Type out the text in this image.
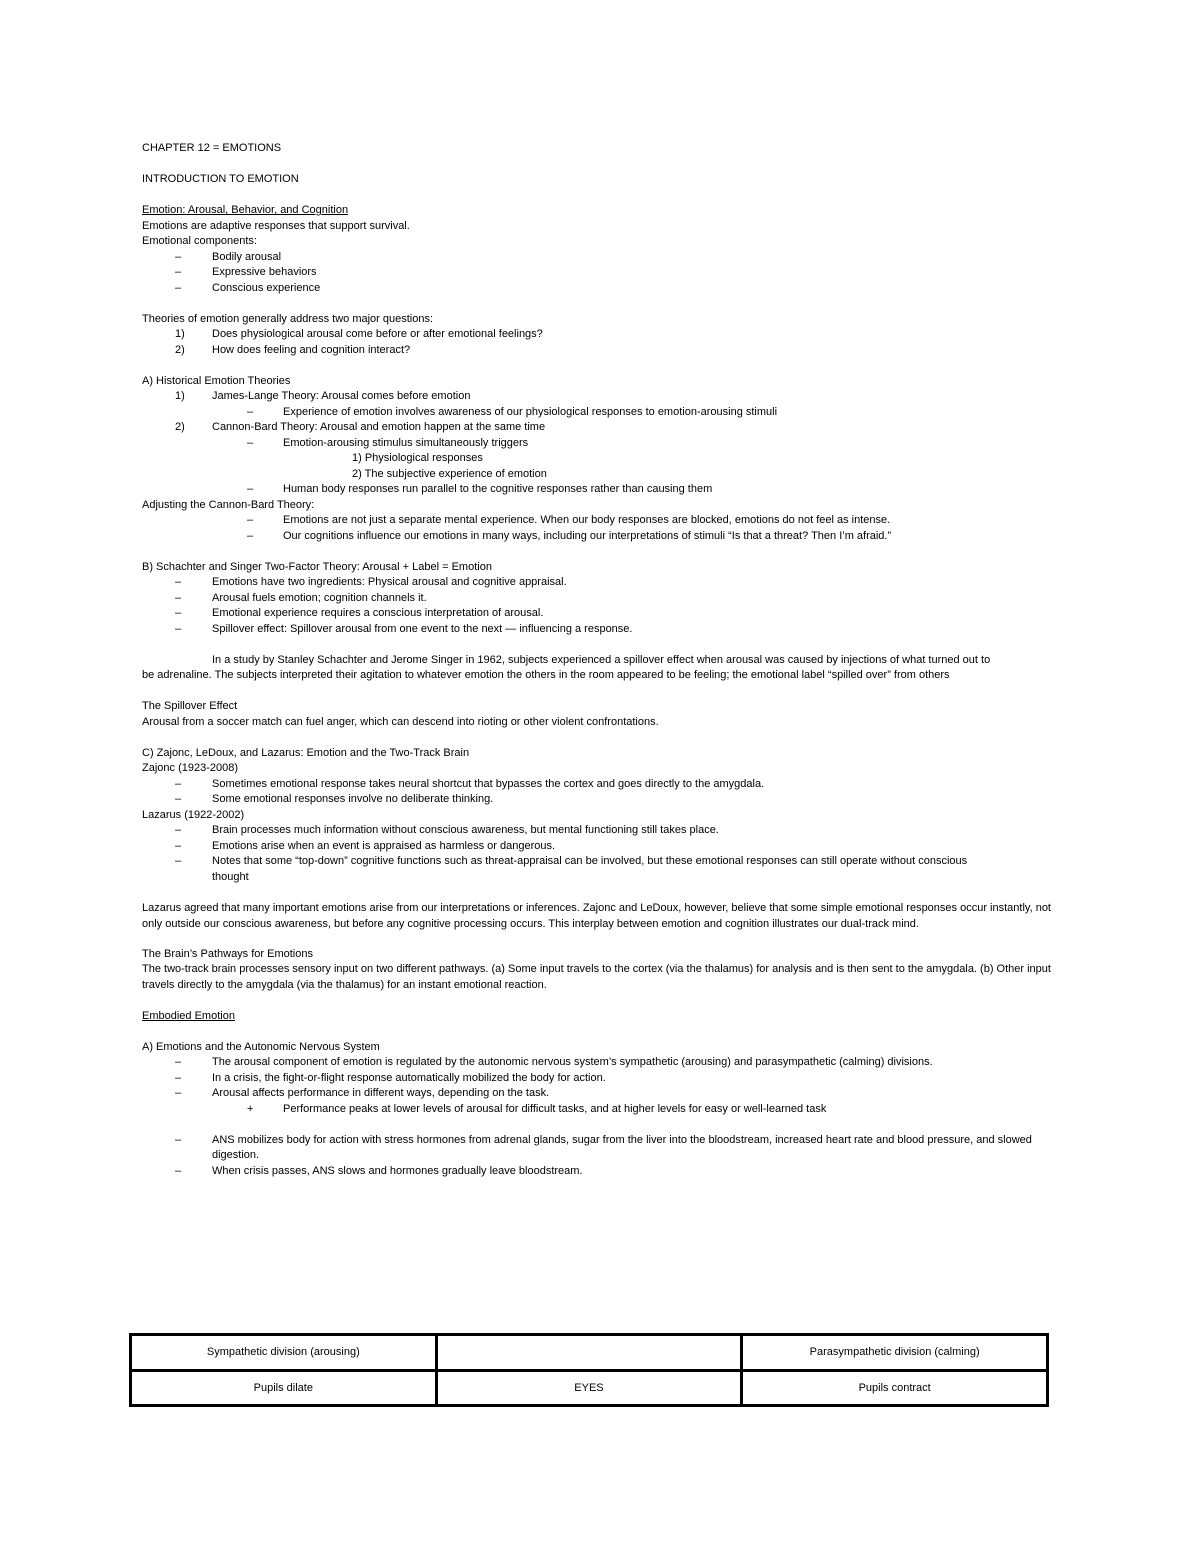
CHAPTER 12 = EMOTIONS
INTRODUCTION TO EMOTION
Emotion: Arousal, Behavior, and Cognition
Emotions are adaptive responses that support survival.
Emotional components:
–	Bodily arousal
–	Expressive behaviors
–	Conscious experience
Theories of emotion generally address two major questions:
1) Does physiological arousal come before or after emotional feelings?
2) How does feeling and cognition interact?
A) Historical Emotion Theories
1) James-Lange Theory: Arousal comes before emotion
–	Experience of emotion involves awareness of our physiological responses to emotion-arousing stimuli
2) Cannon-Bard Theory: Arousal and emotion happen at the same time
–	Emotion-arousing stimulus simultaneously triggers
1) Physiological responses
2) The subjective experience of emotion
–	Human body responses run parallel to the cognitive responses rather than causing them
Adjusting the Cannon-Bard Theory:
–	Emotions are not just a separate mental experience. When our body responses are blocked, emotions do not feel as intense.
–	Our cognitions influence our emotions in many ways, including our interpretations of stimuli “Is that a threat? Then I’m afraid.”
B) Schachter and Singer Two-Factor Theory: Arousal + Label = Emotion
–	Emotions have two ingredients: Physical arousal and cognitive appraisal.
–	Arousal fuels emotion; cognition channels it.
–	Emotional experience requires a conscious interpretation of arousal.
–	Spillover effect: Spillover arousal from one event to the next — influencing a response.
In a study by Stanley Schachter and Jerome Singer in 1962, subjects experienced a spillover effect when arousal was caused by injections of what turned out to
be adrenaline. The subjects interpreted their agitation to whatever emotion the others in the room appeared to be feeling; the emotional label “spilled over” from others
The Spillover Effect
Arousal from a soccer match can fuel anger, which can descend into rioting or other violent confrontations.
C) Zajonc, LeDoux, and Lazarus: Emotion and the Two-Track Brain
Zajonc (1923-2008)
–	Sometimes emotional response takes neural shortcut that bypasses the cortex and goes directly to the amygdala.
–	Some emotional responses involve no deliberate thinking.
Lazarus (1922-2002)
–	Brain processes much information without conscious awareness, but mental functioning still takes place.
–	Emotions arise when an event is appraised as harmless or dangerous.
–	Notes that some “top-down” cognitive functions such as threat-appraisal can be involved, but these emotional responses can still operate without conscious
thought
Lazarus agreed that many important emotions arise from our interpretations or inferences. Zajonc and LeDoux, however, believe that some simple emotional responses occur instantly, not only outside our conscious awareness, but before any cognitive processing occurs. This interplay between emotion and cognition illustrates our dual-track mind.
The Brain’s Pathways for Emotions
The two-track brain processes sensory input on two different pathways. (a) Some input travels to the cortex (via the thalamus) for analysis and is then sent to the amygdala. (b) Other input travels directly to the amygdala (via the thalamus) for an instant emotional reaction.
Embodied Emotion
A) Emotions and the Autonomic Nervous System
–	The arousal component of emotion is regulated by the autonomic nervous system’s sympathetic (arousing) and parasympathetic (calming) divisions.
–	In a crisis, the fight-or-flight response automatically mobilized the body for action.
–	Arousal affects performance in different ways, depending on the task.
+	Performance peaks at lower levels of arousal for difficult tasks, and at higher levels for easy or well-learned task
–	ANS mobilizes body for action with stress hormones from adrenal glands, sugar from the liver into the bloodstream, increased heart rate and blood pressure, and slowed digestion.
–	When crisis passes, ANS slows and hormones gradually leave bloodstream.
Sympathetic division (arousing)		Parasympathetic division (calming)
Pupils dilate	EYES	Pupils contract
